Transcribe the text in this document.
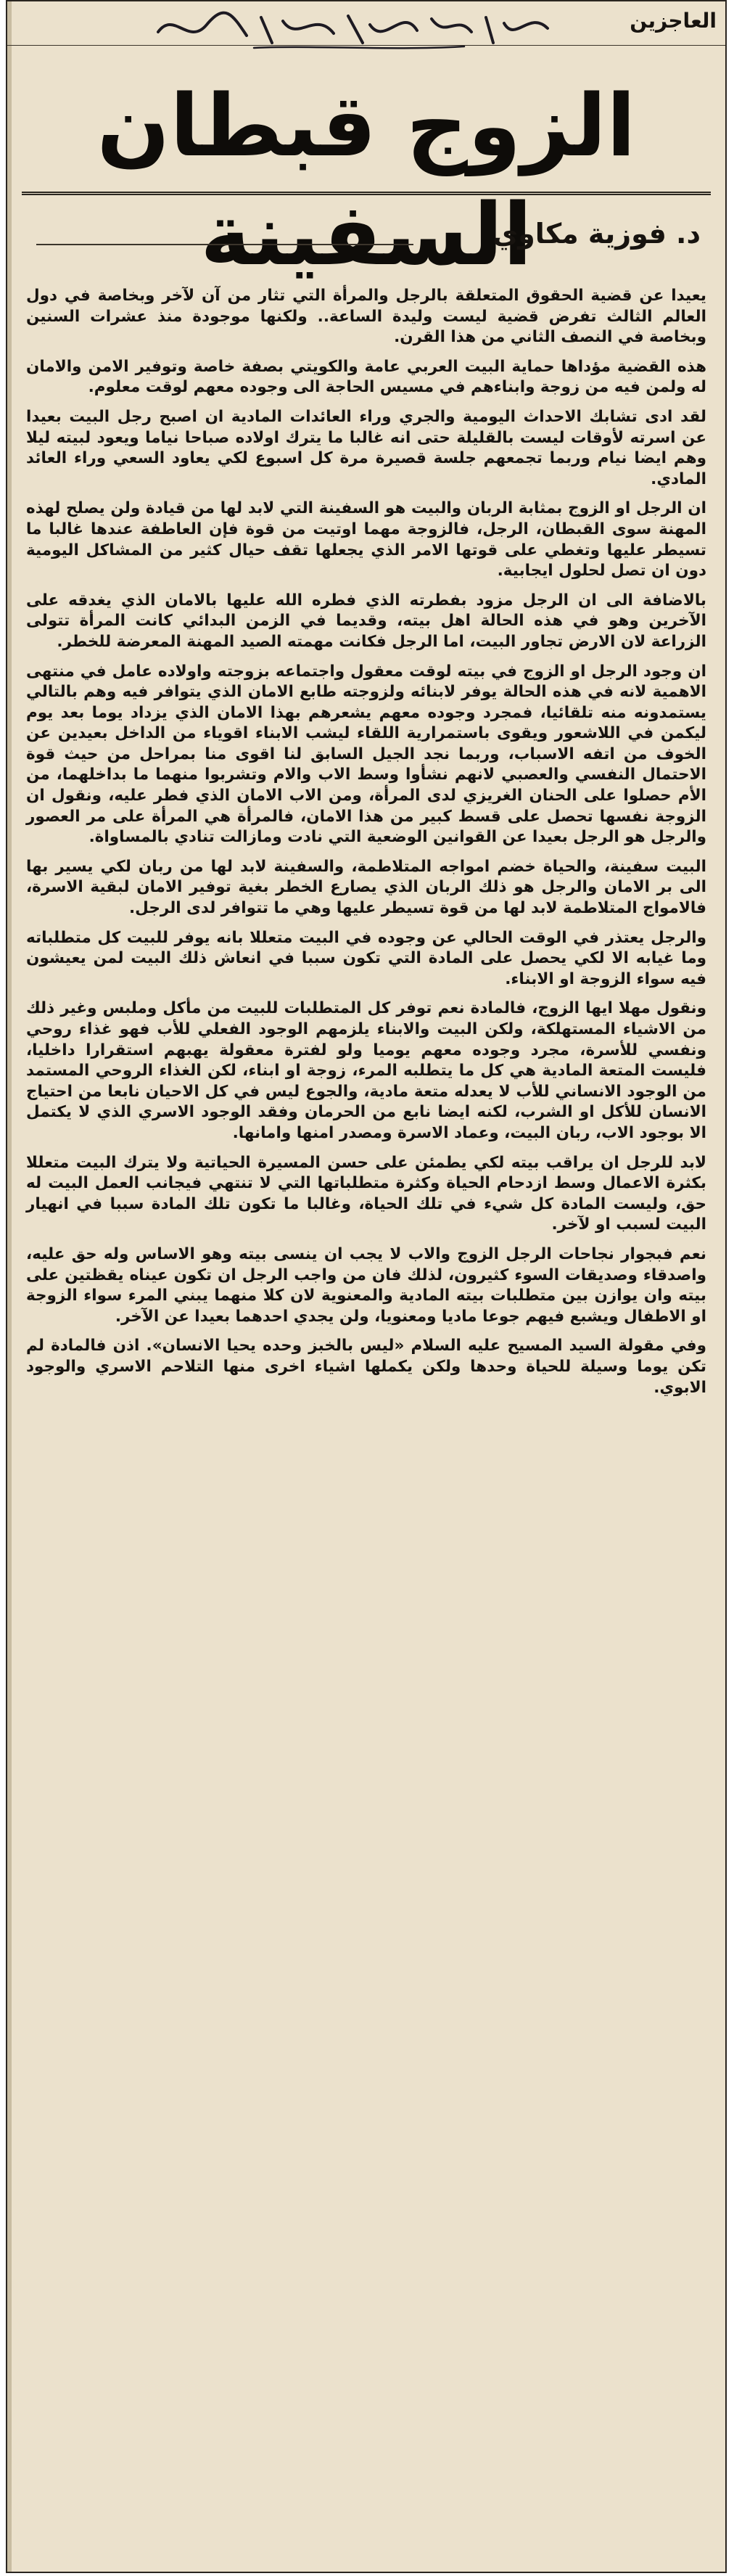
العاجزين
الزوج قبطان السفينة
د. فوزية مكاوي

يعيدا عن قضية الحقوق المتعلقة بالرجل والمرأة التي تثار من آن لآخر وبخاصة في دول العالم الثالث تفرض قضية ليست وليدة الساعة.. ولكنها موجودة منذ عشرات السنين وبخاصة في النصف الثاني من هذا القرن.

هذه القضية مؤداها حماية البيت العربي عامة والكويتي بصفة خاصة وتوفير الامن والامان له ولمن فيه من زوجة وابناءهم في مسيس الحاجة الى وجوده معهم لوقت معلوم.

لقد ادى تشابك الاحداث اليومية والجري وراء العائدات المادية ان اصبح رجل البيت بعيدا عن اسرته لأوقات ليست بالقليلة حتى انه غالبا ما يترك اولاده صباحا نياما ويعود لبيته ليلا وهم ايضا نيام وربما تجمعهم جلسة قصيرة مرة كل اسبوع لكي يعاود السعي وراء العائد المادي.

ان الرجل او الزوج بمثابة الربان والبيت هو السفينة التي لابد لها من قيادة ولن يصلح لهذه المهنة سوى القبطان، الرجل، فالزوجة مهما اوتيت من قوة فإن العاطفة عندها غالبا ما تسيطر عليها وتغطي على قوتها الامر الذي يجعلها تقف حيال كثير من المشاكل اليومية دون ان تصل لحلول ايجابية.

بالاضافة الى ان الرجل مزود بفطرته الذي فطره الله عليها بالامان الذي يغدقه على الآخرين وهو في هذه الحالة اهل بيته، وقديما في الزمن البدائي كانت المرأة تتولى الزراعة لان الارض تجاور البيت، اما الرجل فكانت مهمته الصيد المهنة المعرضة للخطر.

ان وجود الرجل او الزوج في بيته لوقت معقول واجتماعه بزوجته واولاده عامل في منتهى الاهمية لانه في هذه الحالة يوفر لابنائه ولزوجته طابع الامان الذي يتوافر فيه وهم بالتالي يستمدونه منه تلقائيا، فمجرد وجوده معهم يشعرهم بهذا الامان الذي يزداد يوما بعد يوم ليكمن في اللاشعور ويقوى باستمرارية اللقاء ليشب الابناء اقوياء من الداخل بعيدين عن الخوف من اتفه الاسباب، وربما نجد الجيل السابق لنا اقوى منا بمراحل من حيث قوة الاحتمال النفسي والعصبي لانهم نشأوا وسط الاب والام وتشربوا منهما ما بداخلهما، من الأم حصلوا على الحنان الغريزي لدى المرأة، ومن الاب الامان الذي فطر عليه، ونقول ان الزوجة نفسها تحصل على قسط كبير من هذا الامان، فالمرأة هي المرأة على مر العصور والرجل هو الرجل بعيدا عن القوانين الوضعية التي نادت ومازالت تنادي بالمساواة.

البيت سفينة، والحياة خضم امواجه المتلاطمة، والسفينة لابد لها من ربان لكي يسير بها الى بر الامان والرجل هو ذلك الربان الذي يصارع الخطر بغية توفير الامان لبقية الاسرة، فالامواج المتلاطمة لابد لها من قوة تسيطر عليها وهي ما تتوافر لدى الرجل.

والرجل يعتذر في الوقت الحالي عن وجوده في البيت متعللا بانه يوفر للبيت كل متطلباته وما غيابه الا لكي يحصل على المادة التي تكون سببا في انعاش ذلك البيت لمن يعيشون فيه سواء الزوجة او الابناء.

ونقول مهلا ايها الزوج، فالمادة نعم توفر كل المتطلبات للبيت من مأكل وملبس وغير ذلك من الاشياء المستهلكة، ولكن البيت والابناء يلزمهم الوجود الفعلي للأب فهو غذاء روحي ونفسي للأسرة، مجرد وجوده معهم يوميا ولو لفترة معقولة يهبهم استقرارا داخليا، فليست المتعة المادية هي كل ما يتطلبه المرء، زوجة او ابناء، لكن الغذاء الروحي المستمد من الوجود الانساني للأب لا يعدله متعة مادية، والجوع ليس في كل الاحيان نابعا من احتياج الانسان للأكل او الشرب، لكنه ايضا نابع من الحرمان وفقد الوجود الاسري الذي لا يكتمل الا بوجود الاب، ربان البيت، وعماد الاسرة ومصدر امنها وامانها.

لابد للرجل ان يراقب بيته لكي يطمئن على حسن المسيرة الحياتية ولا يترك البيت متعللا بكثرة الاعمال وسط ازدحام الحياة وكثرة متطلباتها التي لا تنتهي فيجانب العمل البيت له حق، وليست المادة كل شيء في تلك الحياة، وغالبا ما تكون تلك المادة سببا في انهيار البيت لسبب او لآخر.

نعم فبجوار نجاحات الرجل الزوج والاب لا يجب ان ينسى بيته وهو الاساس وله حق عليه، واصدقاء وصديقات السوء كثيرون، لذلك فان من واجب الرجل ان تكون عيناه يقظتين على بيته وان يوازن بين متطلبات بيته المادية والمعنوية لان كلا منهما يبني المرء سواء الزوجة او الاطفال ويشبع فيهم جوعا ماديا ومعنويا، ولن يجدي احدهما بعيدا عن الآخر.

وفي مقولة السيد المسيح عليه السلام «ليس بالخبز وحده يحيا الانسان». اذن فالمادة لم تكن يوما وسيلة للحياة وحدها ولكن يكملها اشياء اخرى منها التلاحم الاسري والوجود الابوي.
